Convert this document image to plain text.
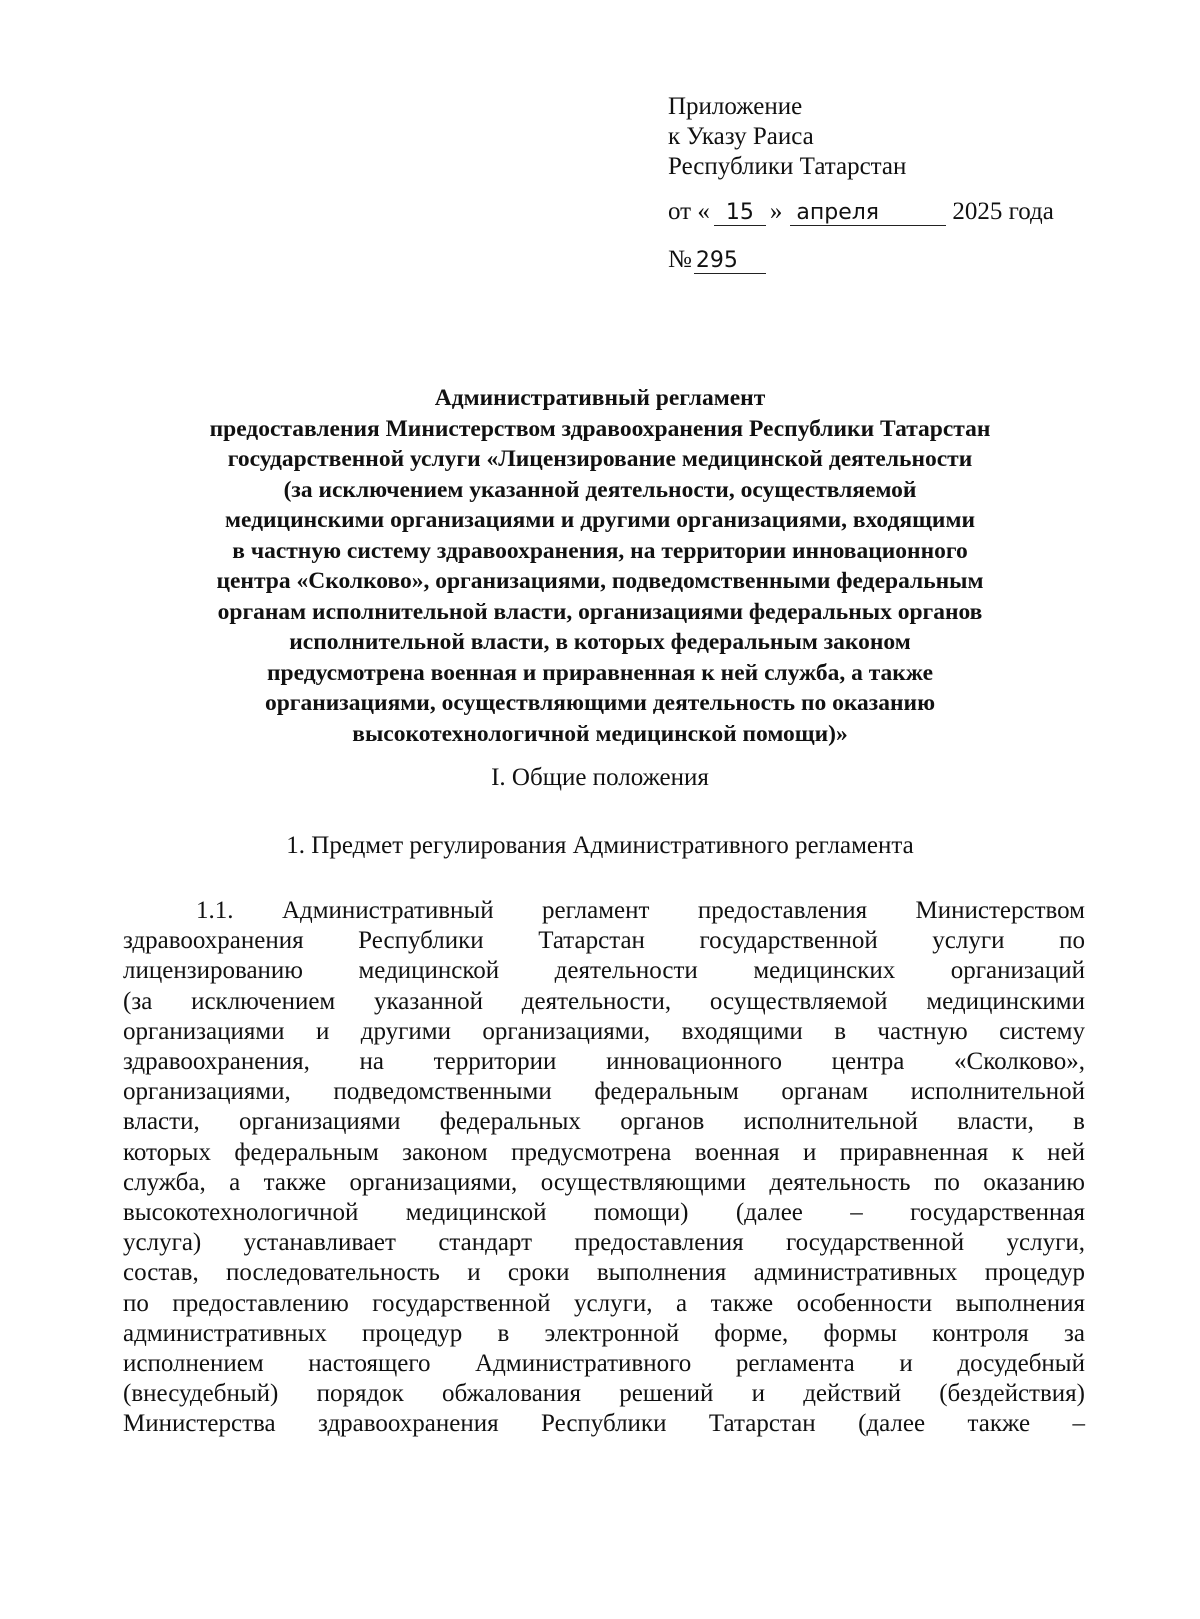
Приложение
к Указу Раиса
Республики Татарстан
от « 15 » апреля	2025 года
№ 295
Административный регламент
предоставления Министерством здравоохранения Республики Татарстан
государственной услуги «Лицензирование медицинской деятельности
(за исключением указанной деятельности, осуществляемой
медицинскими организациями и другими организациями, входящими
в частную систему здравоохранения, на территории инновационного
центра «Сколково», организациями, подведомственными федеральным
органам исполнительной власти, организациями федеральных органов
исполнительной власти, в которых федеральным законом
предусмотрена военная и приравненная к ней служба, а также
организациями, осуществляющими деятельность по оказанию
высокотехнологичной медицинской помощи)»
I. Общие положения
1. Предмет регулирования Административного регламента
1.1. Административный регламент предоставления Министерством
здравоохранения Республики Татарстан государственной услуги по
лицензированию медицинской деятельности медицинских организаций
(за исключением указанной деятельности, осуществляемой медицинскими
организациями и другими организациями, входящими в частную систему
здравоохранения, на территории инновационного центра «Сколково»,
организациями, подведомственными федеральным органам исполнительной
власти, организациями федеральных органов исполнительной власти, в
которых федеральным законом предусмотрена военная и приравненная к ней
служба, а также организациями, осуществляющими деятельность по оказанию
высокотехнологичной медицинской помощи) (далее – государственная
услуга) устанавливает стандарт предоставления государственной услуги,
состав, последовательность и сроки выполнения административных процедур
по предоставлению государственной услуги, а также особенности выполнения
административных процедур в электронной форме, формы контроля за
исполнением настоящего Административного регламента и досудебный
(внесудебный) порядок обжалования решений и действий (бездействия)
Министерства здравоохранения Республики Татарстан (далее также –
